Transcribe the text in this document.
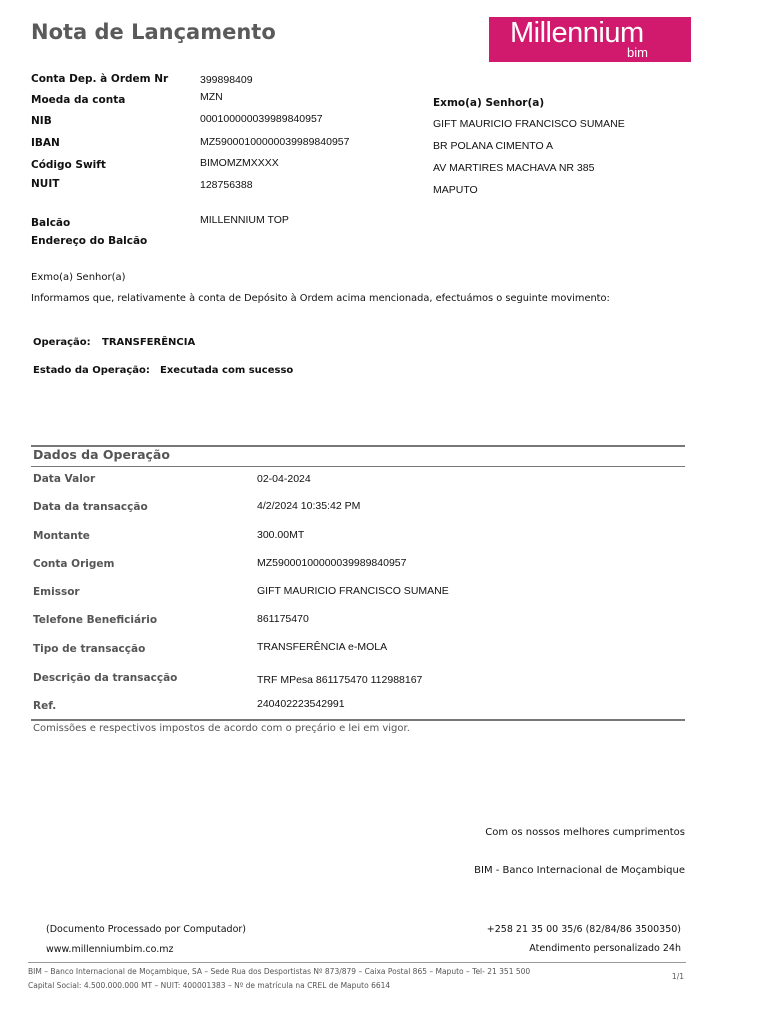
Nota de Lançamento	Millennium
bim
Conta Dep. à Ordem Nr	399898409
Moeda da conta	MZN
NIB	000100000039989840957
IBAN	MZ59000100000039989840957
Código Swift	BIMOMZMXXXX
NUIT	128756388
Balcão	MILLENNIUM TOP
Endereço do Balcão
Exmo(a) Senhor(a)
GIFT MAURICIO FRANCISCO SUMANE
BR POLANA CIMENTO A
AV MARTIRES MACHAVA NR 385
MAPUTO
Exmo(a) Senhor(a)
Informamos que, relativamente à conta de Depósito à Ordem acima mencionada, efectuámos o seguinte movimento:
Operação: TRANSFERÊNCIA
Estado da Operação: Executada com sucesso
Dados da Operação
Data Valor	02-04-2024
Data da transacção	4/2/2024 10:35:42 PM
Montante	300.00MT
Conta Origem	MZ59000100000039989840957
Emissor	GIFT MAURICIO FRANCISCO SUMANE
Telefone Beneficiário	861175470
Tipo de transacção	TRANSFERÊNCIA e-MOLA
Descrição da transacção	TRF MPesa 861175470 112988167
Ref.	240402223542991
Comissões e respectivos impostos de acordo com o preçário e lei em vigor.
Com os nossos melhores cumprimentos
BIM - Banco Internacional de Moçambique
(Documento Processado por Computador)
www.millenniumbim.co.mz
+258 21 35 00 35/6 (82/84/86 3500350)
Atendimento personalizado 24h
BIM – Banco Internacional de Moçambique, SA – Sede Rua dos Desportistas Nº 873/879 – Caixa Postal 865 – Maputo – Tel- 21 351 500
Capital Social: 4.500.000.000 MT – NUIT: 400001383 – Nº de matrícula na CREL de Maputo 6614
1/1
